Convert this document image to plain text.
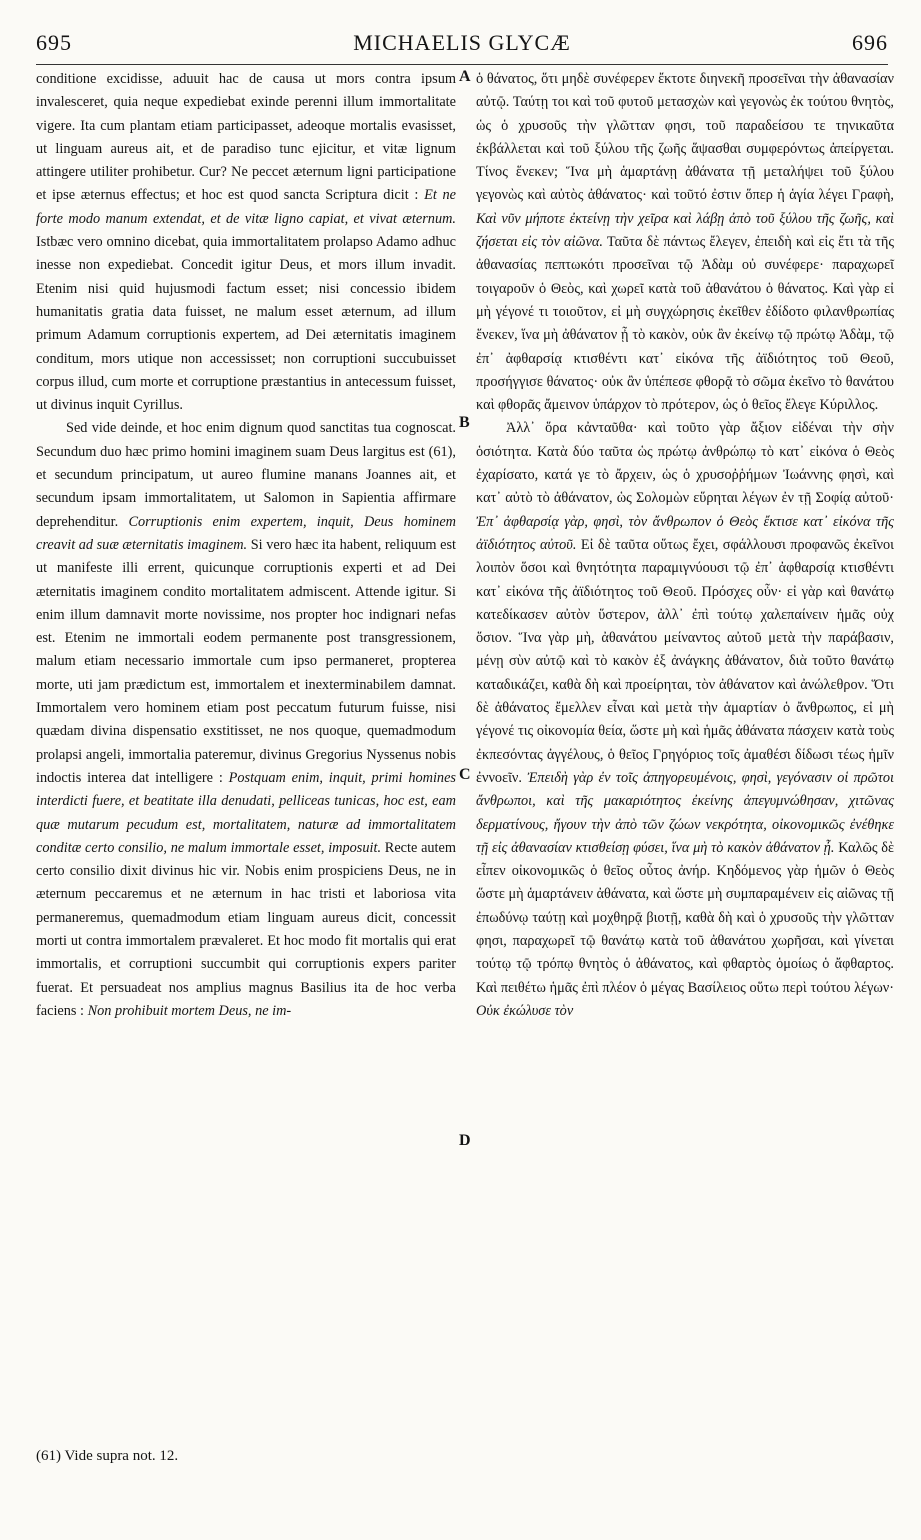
695	MICHAELIS GLYCÆ	696

conditione excidisse, aduuit hac de causa ut mors contra ipsum invalesceret, quia neque expediebat exinde perenni illum immortalitate vigere. Ita cum plantam etiam participasset, adeoque mortalis evasisset, ut linguam aureus ait, et de paradiso tunc ejicitur, et vitæ lignum attingere utiliter prohibetur. Cur? Ne peccet æternum ligni participatione et ipse æternus effectus; et hoc est quod sancta Scriptura dicit : Et ne forte modo manum extendat, et de vitæ ligno capiat, et vivat æternum. Istbæc vero omnino dicebat, quia immortalitatem prolapso Adamo adhuc inesse non expediebat. Concedit igitur Deus, et mors illum invadit. Etenim nisi quid hujusmodi factum esset; nisi concessio ibidem humanitatis gratia data fuisset, ne malum esset æternum, ad illum primum Adamum corruptionis expertem, ad Dei æternitatis imaginem conditum, mors utique non accessisset; non corruptioni succubuisset corpus illud, cum morte et corruptione præstantius in antecessum fuisset, ut divinus inquit Cyrillus.

Sed vide deinde, et hoc enim dignum quod sanctitas tua cognoscat. Secundum duo hæc primo homini imaginem suam Deus largitus est (61), et secundum principatum, ut aureo flumine manans Joannes ait, et secundum ipsam immortalitatem, ut Salomon in Sapientia affirmare deprehenditur. Corruptionis enim expertem, inquit, Deus hominem creavit ad suæ æternitatis imaginem. Si vero hæc ita habent, reliquum est ut manifeste illi errent, quicunque corruptionis experti et ad Dei æternitatis imaginem condito mortalitatem admiscent. Attende igitur. Si enim illum damnavit morte novissime, nos propter hoc indignari nefas est. Etenim ne immortali eodem permanente post transgressionem, malum etiam necessario immortale cum ipso permaneret, propterea morte, uti jam prædictum est, immortalem et inexterminabilem damnat. Immortalem vero hominem etiam post peccatum futurum fuisse, nisi quædam divina dispensatio exstitisset, ne nos quoque, quemadmodum prolapsi angeli, immortalia pateremur, divinus Gregorius Nyssenus nobis indoctis interea dat intelligere : Postquam enim, inquit, primi homines interdicti fuere, et beatitate illa denudati, pelliceas tunicas, hoc est, eam quæ mutarum pecudum est, mortalitatem, naturæ ad immortalitatem conditæ certo consilio, ne malum immortale esset, imposuit. Recte autem certo consilio dixit divinus hic vir. Nobis enim prospiciens Deus, ne in æternum peccaremus et ne æternum in hac tristi et laboriosa vita permaneremus, quemadmodum etiam linguam aureus dicit, concessit morti ut contra immortalem prævaleret. Et hoc modo fit mortalis qui erat immortalis, et corruptioni succumbit qui corruptionis expers pariter fuerat. Et persuadeat nos amplius magnus Basilius ita de hoc verba faciens : Non prohibuit mortem Deus, ne im-

A
B
C
D

ὁ θάνατος, ὅτι μηδὲ συνέφερεν ἔκτοτε διηνεκῆ προσεῖναι τὴν ἀθανασίαν αὐτῷ. Ταύτῃ τοι καὶ τοῦ φυτοῦ μετασχὼν καὶ γεγονὼς ἐκ τούτου θνητὸς, ὡς ὁ χρυσοῦς τὴν γλῶτταν φησι, τοῦ παραδείσου τε τηνικαῦτα ἐκβάλλεται καὶ τοῦ ξύλου τῆς ζωῆς ἅψασθαι συμφερόντως ἀπείργεται. Τίνος ἕνεκεν; Ἵνα μὴ ἁμαρτάνῃ ἀθάνατα τῇ μεταλήψει τοῦ ξύλου γεγονὼς καὶ αὐτὸς ἀθάνατος· καὶ τοῦτό ἐστιν ὅπερ ἡ ἁγία λέγει Γραφὴ, Καὶ νῦν μήποτε ἐκτείνῃ τὴν χεῖρα καὶ λάβῃ ἀπὸ τοῦ ξύλου τῆς ζωῆς, καὶ ζήσεται εἰς τὸν αἰῶνα. Ταῦτα δὲ πάντως ἔλεγεν, ἐπειδὴ καὶ εἰς ἔτι τὰ τῆς ἀθανασίας πεπτωκότι προσεῖναι τῷ Ἀδὰμ οὐ συνέφερε· παραχωρεῖ τοιγαροῦν ὁ Θεὸς, καὶ χωρεῖ κατὰ τοῦ ἀθανάτου ὁ θάνατος. Καὶ γὰρ εἰ μὴ γέγονέ τι τοιοῦτον, εἰ μὴ συγχώρησις ἐκεῖθεν ἐδίδοτο φιλανθρωπίας ἕνεκεν, ἵνα μὴ ἀθάνατον ᾖ τὸ κακὸν, οὐκ ἂν ἐκείνῳ τῷ πρώτῳ Ἀδὰμ, τῷ ἐπ᾽ ἀφθαρσίᾳ κτισθέντι κατ᾽ εἰκόνα τῆς ἀϊδιότητος τοῦ Θεοῦ, προσήγγισε θάνατος· οὐκ ἂν ὑπέπεσε φθορᾷ τὸ σῶμα ἐκεῖνο τὸ θανάτου καὶ φθορᾶς ἄμεινον ὑπάρχον τὸ πρότερον, ὡς ὁ θεῖος ἔλεγε Κύριλλος.

Ἀλλ᾽ ὅρα κἀνταῦθα· καὶ τοῦτο γὰρ ἄξιον εἰδέναι τὴν σὴν ὁσιότητα. Κατὰ δύο ταῦτα ὡς πρώτῳ ἀνθρώπῳ τὸ κατ᾽ εἰκόνα ὁ Θεὸς ἐχαρίσατο, κατά γε τὸ ἄρχειν, ὡς ὁ χρυσοῤῥήμων Ἰωάννης φησὶ, καὶ κατ᾽ αὐτὸ τὸ ἀθάνατον, ὡς Σολομὼν εὕρηται λέγων ἐν τῇ Σοφίᾳ αὐτοῦ· Ἐπ᾽ ἀφθαρσίᾳ γὰρ, φησὶ, τὸν ἄνθρωπον ὁ Θεὸς ἔκτισε κατ᾽ εἰκόνα τῆς ἀϊδιότητος αὐτοῦ. Εἰ δὲ ταῦτα οὕτως ἔχει, σφάλλουσι προφανῶς ἐκεῖνοι λοιπὸν ὅσοι καὶ θνητότητα παραμιγνύουσι τῷ ἐπ᾽ ἀφθαρσίᾳ κτισθέντι κατ᾽ εἰκόνα τῆς ἀϊδιότητος τοῦ Θεοῦ. Πρόσχες οὖν· εἰ γὰρ καὶ θανάτῳ κατεδίκασεν αὐτὸν ὕστερον, ἀλλ᾽ ἐπὶ τούτῳ χαλεπαίνειν ἡμᾶς οὐχ ὅσιον. Ἵνα γὰρ μὴ, ἀθανάτου μείναντος αὐτοῦ μετὰ τὴν παράβασιν, μένῃ σὺν αὐτῷ καὶ τὸ κακὸν ἐξ ἀνάγκης ἀθάνατον, διὰ τοῦτο θανάτῳ καταδικάζει, καθὰ δὴ καὶ προείρηται, τὸν ἀθάνατον καὶ ἀνώλεθρον. Ὅτι δὲ ἀθάνατος ἔμελλεν εἶναι καὶ μετὰ τὴν ἁμαρτίαν ὁ ἄνθρωπος, εἰ μὴ γέγονέ τις οἰκονομία θεία, ὥστε μὴ καὶ ἡμᾶς ἀθάνατα πάσχειν κατὰ τοὺς ἐκπεσόντας ἀγγέλους, ὁ θεῖος Γρηγόριος τοῖς ἀμαθέσι δίδωσι τέως ἡμῖν ἐννοεῖν. Ἐπειδὴ γὰρ ἐν τοῖς ἀπηγορευμένοις, φησὶ, γεγόνασιν οἱ πρῶτοι ἄνθρωποι, καὶ τῆς μακαριότητος ἐκείνης ἀπεγυμνώθησαν, χιτῶνας δερματίνους, ἤγουν τὴν ἀπὸ τῶν ζώων νεκρότητα, οἰκονομικῶς ἐνέθηκε τῇ εἰς ἀθανασίαν κτισθείσῃ φύσει, ἵνα μὴ τὸ κακὸν ἀθάνατον ᾖ. Καλῶς δὲ εἶπεν οἰκονομικῶς ὁ θεῖος οὗτος ἀνήρ. Κηδόμενος γὰρ ἡμῶν ὁ Θεὸς ὥστε μὴ ἁμαρτάνειν ἀθάνατα, καὶ ὥστε μὴ συμπαραμένειν εἰς αἰῶνας τῇ ἐπωδύνῳ ταύτῃ καὶ μοχθηρᾷ βιοτῇ, καθὰ δὴ καὶ ὁ χρυσοῦς τὴν γλῶτταν φησι, παραχωρεῖ τῷ θανάτῳ κατὰ τοῦ ἀθανάτου χωρῆσαι, καὶ γίνεται τούτῳ τῷ τρόπῳ θνητὸς ὁ ἀθάνατος, καὶ φθαρτὸς ὁμοίως ὁ ἄφθαρτος. Καὶ πειθέτω ἡμᾶς ἐπὶ πλέον ὁ μέγας Βασίλειος οὕτω περὶ τούτου λέγων· Οὐκ ἐκώλυσε τὸν

(61) Vide supra not. 12.
